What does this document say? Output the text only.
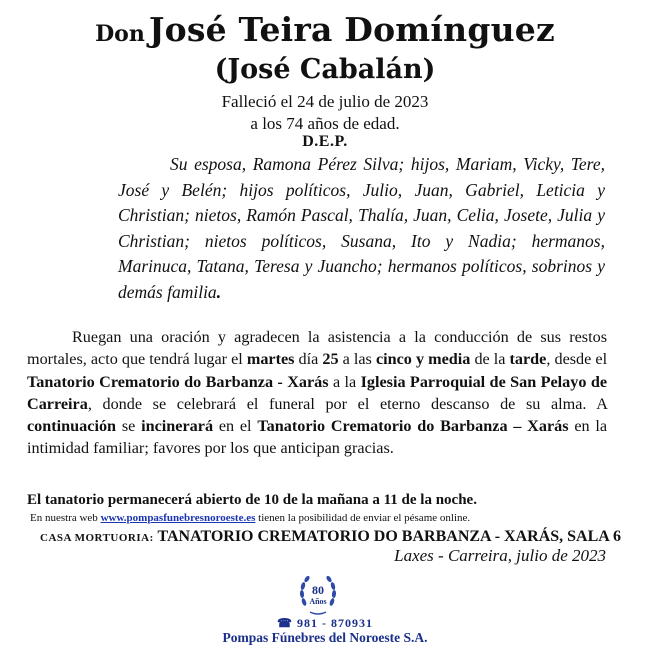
Don José Teira Domínguez
(José Cabalán)
Falleció el 24 de julio de 2023
a los 74 años de edad.
D.E.P.
Su esposa, Ramona Pérez Silva; hijos, Mariam, Vicky, Tere, José y Belén; hijos políticos, Julio, Juan, Gabriel, Leticia y Christian; nietos, Ramón Pascal, Thalía, Juan, Celia, Josete, Julia y Christian; nietos políticos, Susana, Ito y Nadia; hermanos, Marinuca, Tatana, Teresa y Juancho; hermanos políticos, sobrinos y demás familia.
Ruegan una oración y agradecen la asistencia a la conducción de sus restos mortales, acto que tendrá lugar el martes día 25 a las cinco y media de la tarde, desde el Tanatorio Crematorio do Barbanza - Xarás a la Iglesia Parroquial de San Pelayo de Carreira, donde se celebrará el funeral por el eterno descanso de su alma. A continuación se incinerará en el Tanatorio Crematorio do Barbanza – Xarás en la intimidad familiar; favores por los que anticipan gracias.
El tanatorio permanecerá abierto de 10 de la mañana a 11 de la noche.
En nuestra web www.pompasfunebresnoroeste.es tienen la posibilidad de enviar el pésame online.
CASA MORTUORIA: TANATORIO CREMATORIO DO BARBANZA - XARÁS, SALA 6
Laxes - Carreira, julio de 2023
80
Años
☎ 981 - 870931
Pompas Fúnebres del Noroeste S.A.
